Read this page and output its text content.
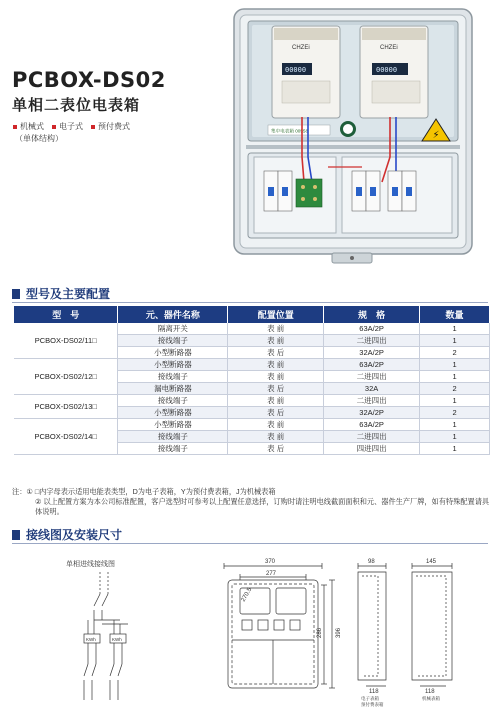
PCBOX-DS02
单相二表位电表箱
机械式 电子式 预付费式
（单体结构）
CHZEi
00000
CHZEi
00000
集中电表箱 00558	⚡
型号及主要配置
型　号	元、器件名称	配置位置	规　格	数量
PCBOX-DS02/11□	隔离开关	表 前	63A/2P	1
	接线端子	表 前	二进四出	1
	小型断路器	表 后	32A/2P	2
PCBOX-DS02/12□	小型断路器	表 前	63A/2P	1
	接线端子	表 前	二进四出	1
	漏电断路器	表 后	32A	2
PCBOX-DS02/13□	接线端子	表 前	二进四出	1
	小型断路器	表 后	32A/2P	2
PCBOX-DS02/14□	小型断路器	表 前	63A/2P	1
	接线端子	表 前	二进四出	1
	接线端子	表 后	四进四出	1
注：① □内字母表示适用电能表类型，D为电子表箱，Y为预付费表箱，J为机械表箱
② 以上配置方案为本公司标准配置，客户选型时可参考以上配置任意选择，订购时请注明电线截面面积和元、器件生产厂牌，如有特殊配置请具
体说明。
接线图及安装尺寸
单相进线接线图
KWh	KWh
370
277
270.5
286 396
98
118
电子表箱
预付费表箱
145
118
机械表箱
